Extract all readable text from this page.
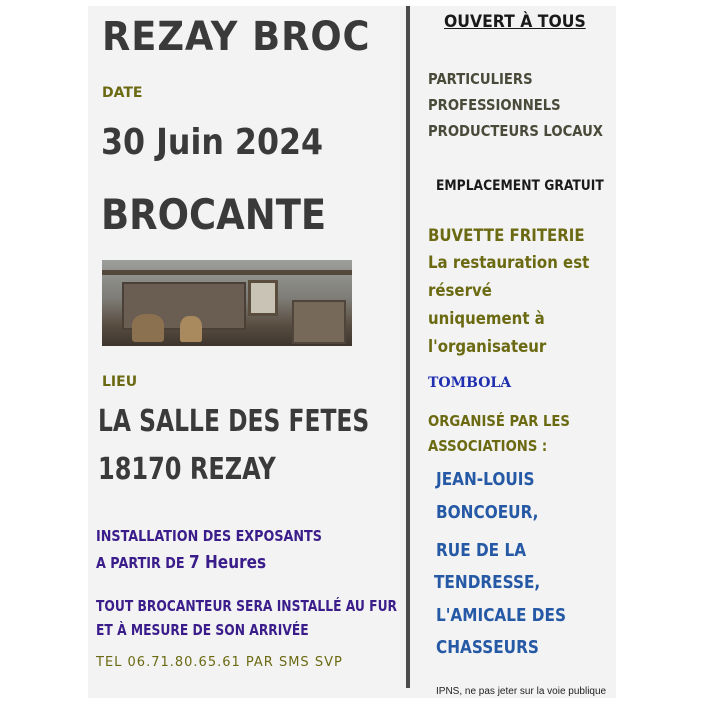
REZAY BROC
DATE
30 Juin 2024
BROCANTE
LIEU
LA SALLE DES FETES
18170 REZAY
INSTALLATION DES EXPOSANTS
A PARTIR DE 7 Heures
TOUT BROCANTEUR SERA INSTALLÉ AU FUR
ET À MESURE DE SON ARRIVÉE
TEL 06.71.80.65.61 PAR SMS SVP
OUVERT À TOUS
PARTICULIERS
PROFESSIONNELS
PRODUCTEURS LOCAUX
EMPLACEMENT GRATUIT
BUVETTE FRITERIE
La restauration est
réservé
uniquement à
l'organisateur
TOMBOLA
ORGANISÉ PAR LES
ASSOCIATIONS :
JEAN-LOUIS
BONCOEUR,
RUE DE LA
TENDRESSE,
L'AMICALE DES
CHASSEURS
IPNS, ne pas jeter sur la voie publique
